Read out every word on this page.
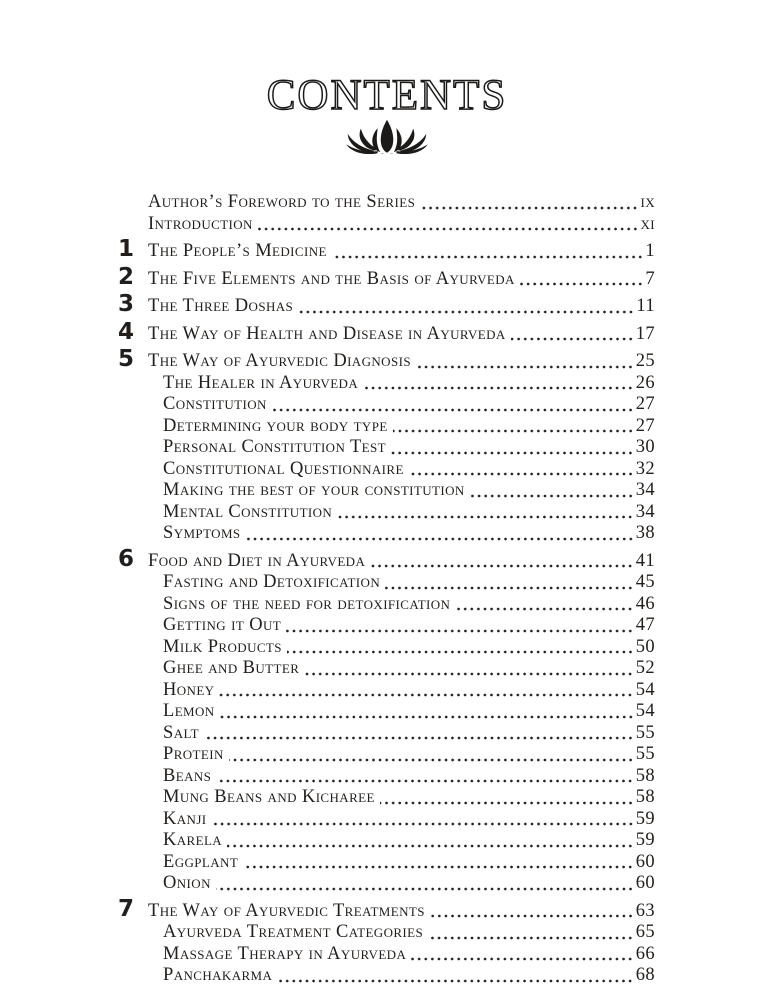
CONTENTS
Author’s Foreword to the Series	ix
Introduction	xi
1 The People’s Medicine	1
2 The Five Elements and the Basis of Ayurveda	7
3 The Three Doshas	11
4 The Way of Health and Disease in Ayurveda	17
5 The Way of Ayurvedic Diagnosis	25
The Healer in Ayurveda	26
Constitution	27
Determining your body type	27
Personal Constitution Test	30
Constitutional Questionnaire	32
Making the best of your constitution	34
Mental Constitution	34
Symptoms	38
6 Food and Diet in Ayurveda	41
Fasting and Detoxification	45
Signs of the need for detoxification	46
Getting it Out	47
Milk Products	50
Ghee and Butter	52
Honey	54
Lemon	54
Salt	55
Protein	55
Beans	58
Mung Beans and Kicharee	58
Kanji	59
Karela	59
Eggplant	60
Onion	60
7 The Way of Ayurvedic Treatments	63
Ayurveda Treatment Categories	65
Massage Therapy in Ayurveda	66
Panchakarma	68
